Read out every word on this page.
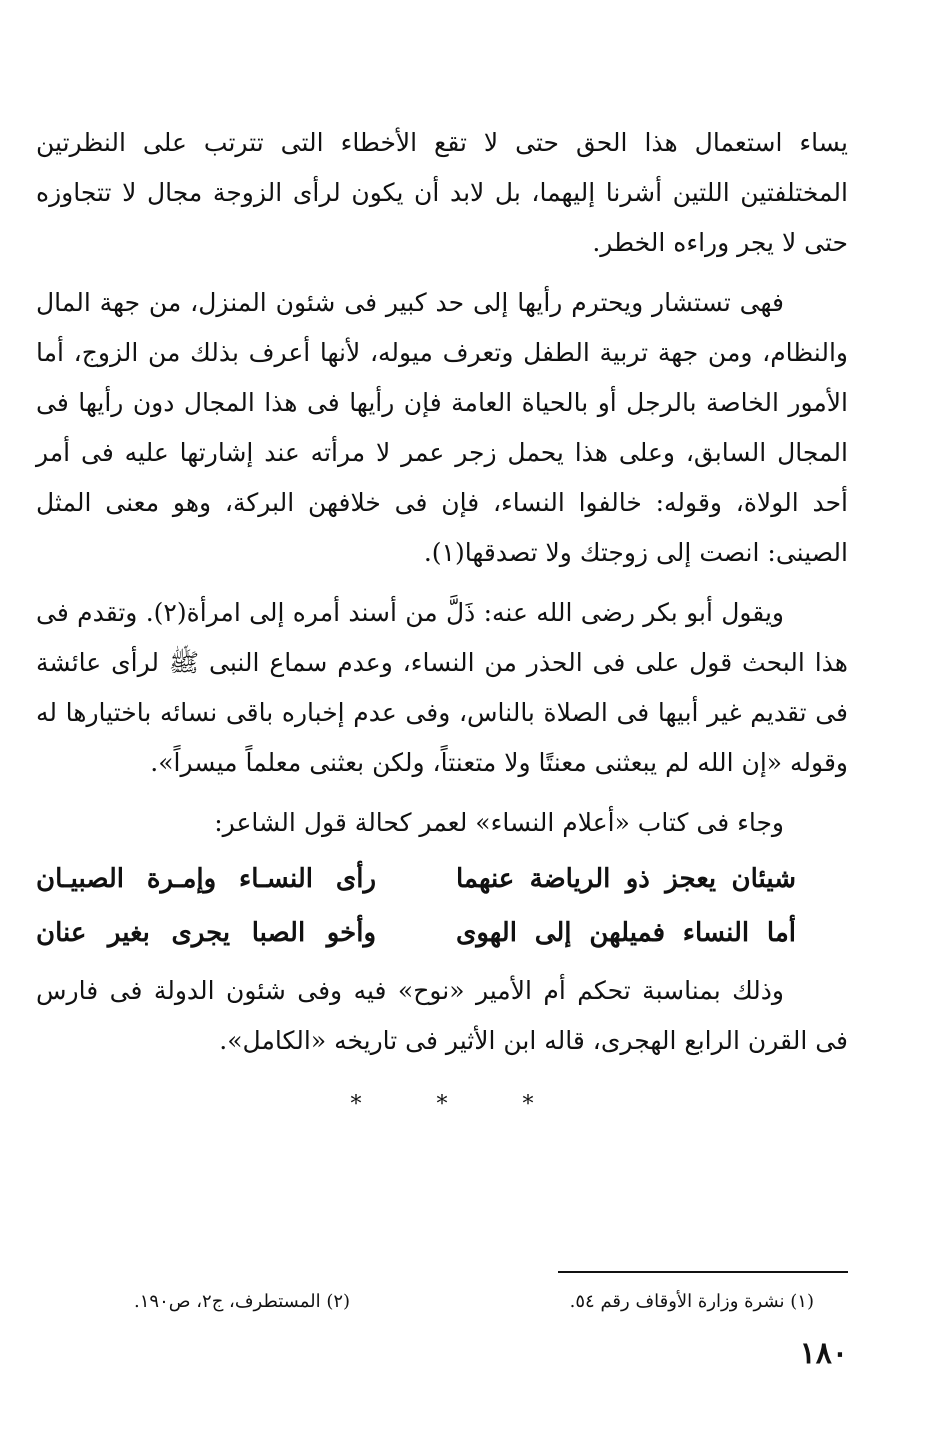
يساء استعمال هذا الحق حتى لا تقع الأخطاء التى تترتب على النظرتين المختلفتين اللتين أشرنا إليهما، بل لابد أن يكون لرأى الزوجة مجال لا تتجاوزه حتى لا يجر وراءه الخطر.

فهى تستشار ويحترم رأيها إلى حد كبير فى شئون المنزل، من جهة المال والنظام، ومن جهة تربية الطفل وتعرف ميوله، لأنها أعرف بذلك من الزوج، أما الأمور الخاصة بالرجل أو بالحياة العامة فإن رأيها فى هذا المجال دون رأيها فى المجال السابق، وعلى هذا يحمل زجر عمر لا مرأته عند إشارتها عليه فى أمر أحد الولاة، وقوله: خالفوا النساء، فإن فى خلافهن البركة، وهو معنى المثل الصينى: انصت إلى زوجتك ولا تصدقها(١).

ويقول أبو بكر رضى الله عنه: ذَلَّ من أسند أمره إلى امرأة(٢). وتقدم فى هذا البحث قول على فى الحذر من النساء، وعدم سماع النبى ﷺ لرأى عائشة فى تقديم غير أبيها فى الصلاة بالناس، وفى عدم إخباره باقى نسائه باختيارها له وقوله «إن الله لم يبعثنى معنتًا ولا متعنتاً، ولكن بعثنى معلماً ميسراً».

وجاء فى كتاب «أعلام النساء» لعمر كحالة قول الشاعر:

شيئان يعجز ذو الرياضة عنهما
رأى النسـاء وإمـرة الصبيـان
أما النساء فميلهن إلى الهوى
وأخو الصبا يجرى بغير عنان

وذلك بمناسبة تحكم أم الأمير «نوح» فيه وفى شئون الدولة فى فارس فى القرن الرابع الهجرى، قاله ابن الأثير فى تاريخه «الكامل».

* * *
(١) نشرة وزارة الأوقاف رقم ٥٤.
(٢) المستطرف، ج٢، ص١٩٠.
١٨٠
